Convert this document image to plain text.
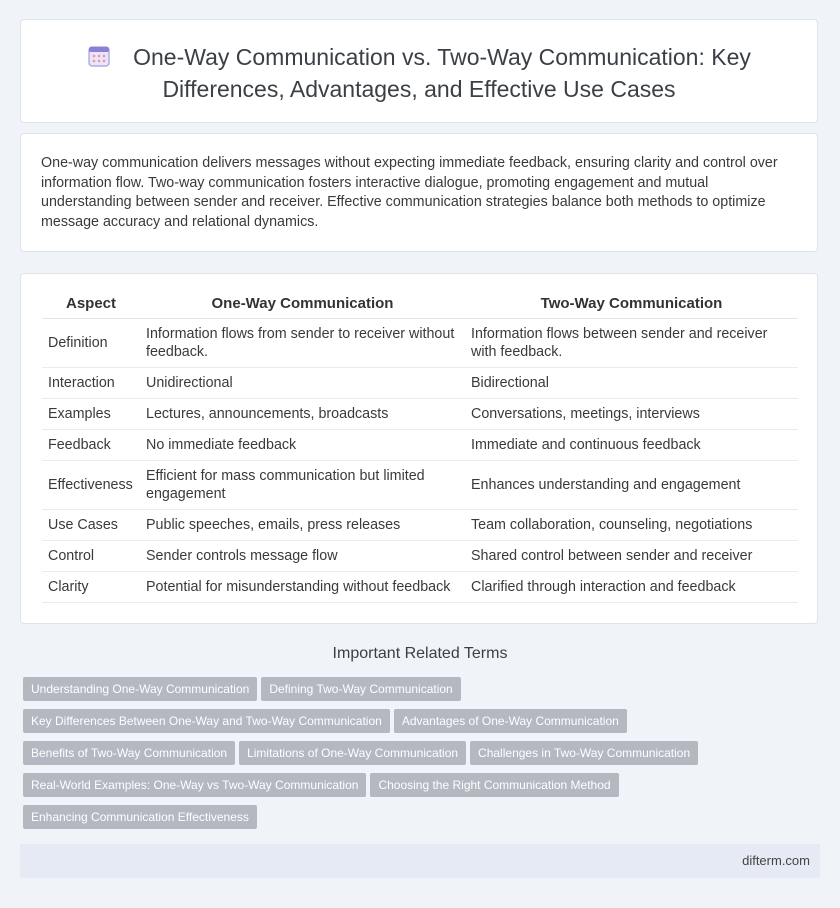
One-Way Communication vs. Two-Way Communication: Key Differences, Advantages, and Effective Use Cases

One-way communication delivers messages without expecting immediate feedback, ensuring clarity and control over information flow. Two-way communication fosters interactive dialogue, promoting engagement and mutual understanding between sender and receiver. Effective communication strategies balance both methods to optimize message accuracy and relational dynamics.

Aspect	One-Way Communication	Two-Way Communication
Definition	Information flows from sender to receiver without feedback.	Information flows between sender and receiver with feedback.
Interaction	Unidirectional	Bidirectional
Examples	Lectures, announcements, broadcasts	Conversations, meetings, interviews
Feedback	No immediate feedback	Immediate and continuous feedback
Effectiveness	Efficient for mass communication but limited engagement	Enhances understanding and engagement
Use Cases	Public speeches, emails, press releases	Team collaboration, counseling, negotiations
Control	Sender controls message flow	Shared control between sender and receiver
Clarity	Potential for misunderstanding without feedback	Clarified through interaction and feedback
Important Related Terms
Understanding One-Way Communication Defining Two-Way Communication
Key Differences Between One-Way and Two-Way Communication Advantages of One-Way Communication
Benefits of Two-Way Communication Limitations of One-Way Communication Challenges in Two-Way Communication
Real-World Examples: One-Way vs Two-Way Communication Choosing the Right Communication Method
Enhancing Communication Effectiveness
difterm.com
